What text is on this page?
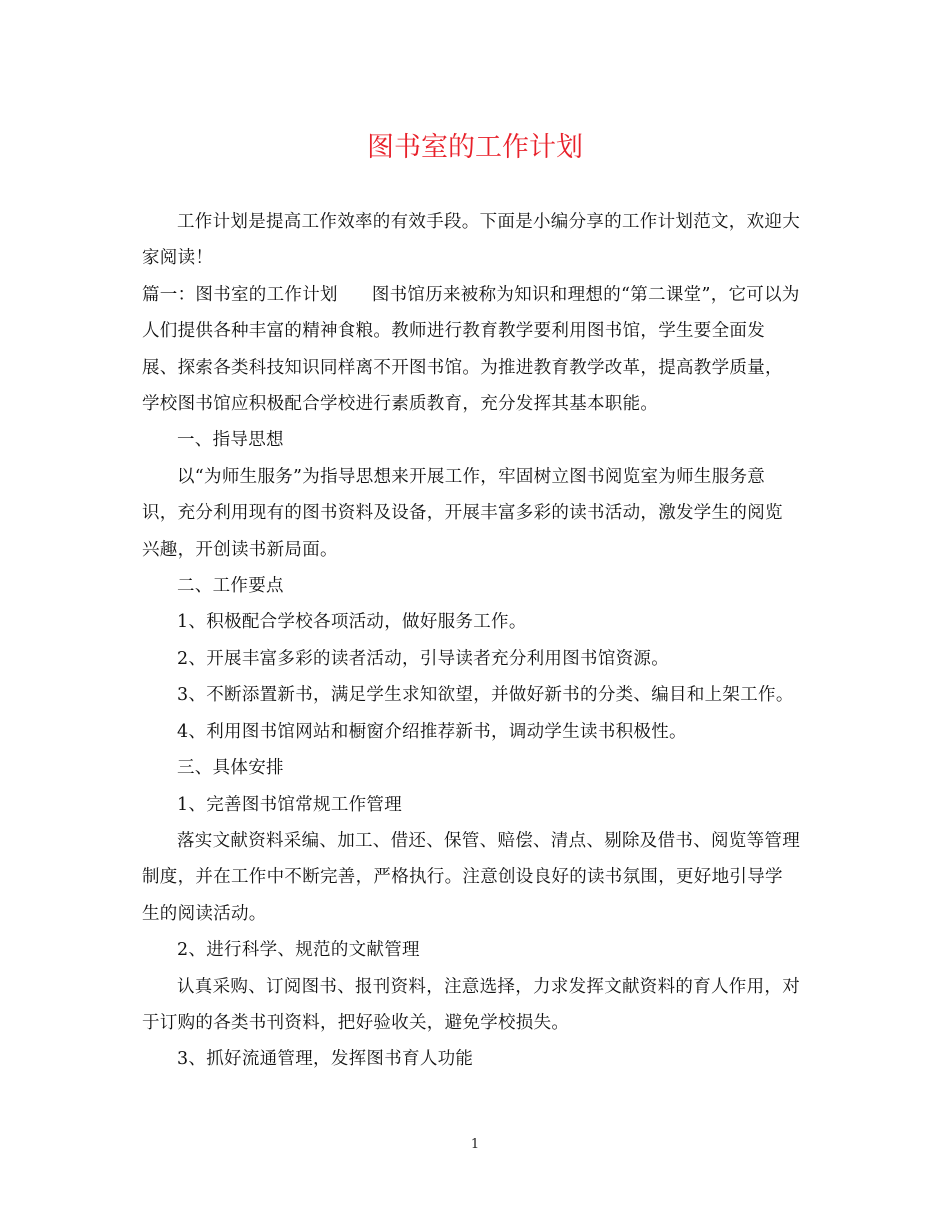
图书室的工作计划

工作计划是提高工作效率的有效手段。下面是小编分享的工作计划范文，欢迎大家阅读！

篇一：图书室的工作计划 图书馆历来被称为知识和理想的“第二课堂”，它可以为人们提供各种丰富的精神食粮。教师进行教育教学要利用图书馆，学生要全面发展、探索各类科技知识同样离不开图书馆。为推进教育教学改革，提高教学质量，学校图书馆应积极配合学校进行素质教育，充分发挥其基本职能。

一、指导思想

以“为师生服务”为指导思想来开展工作，牢固树立图书阅览室为师生服务意识，充分利用现有的图书资料及设备，开展丰富多彩的读书活动，激发学生的阅览兴趣，开创读书新局面。

二、工作要点

1、积极配合学校各项活动，做好服务工作。

2、开展丰富多彩的读者活动，引导读者充分利用图书馆资源。

3、不断添置新书，满足学生求知欲望，并做好新书的分类、编目和上架工作。

4、利用图书馆网站和橱窗介绍推荐新书，调动学生读书积极性。

三、具体安排

1、完善图书馆常规工作管理

落实文献资料采编、加工、借还、保管、赔偿、清点、剔除及借书、阅览等管理制度，并在工作中不断完善，严格执行。注意创设良好的读书氛围，更好地引导学生的阅读活动。

2、进行科学、规范的文献管理

认真采购、订阅图书、报刊资料，注意选择，力求发挥文献资料的育人作用，对于订购的各类书刊资料，把好验收关，避免学校损失。

3、抓好流通管理，发挥图书育人功能

1
